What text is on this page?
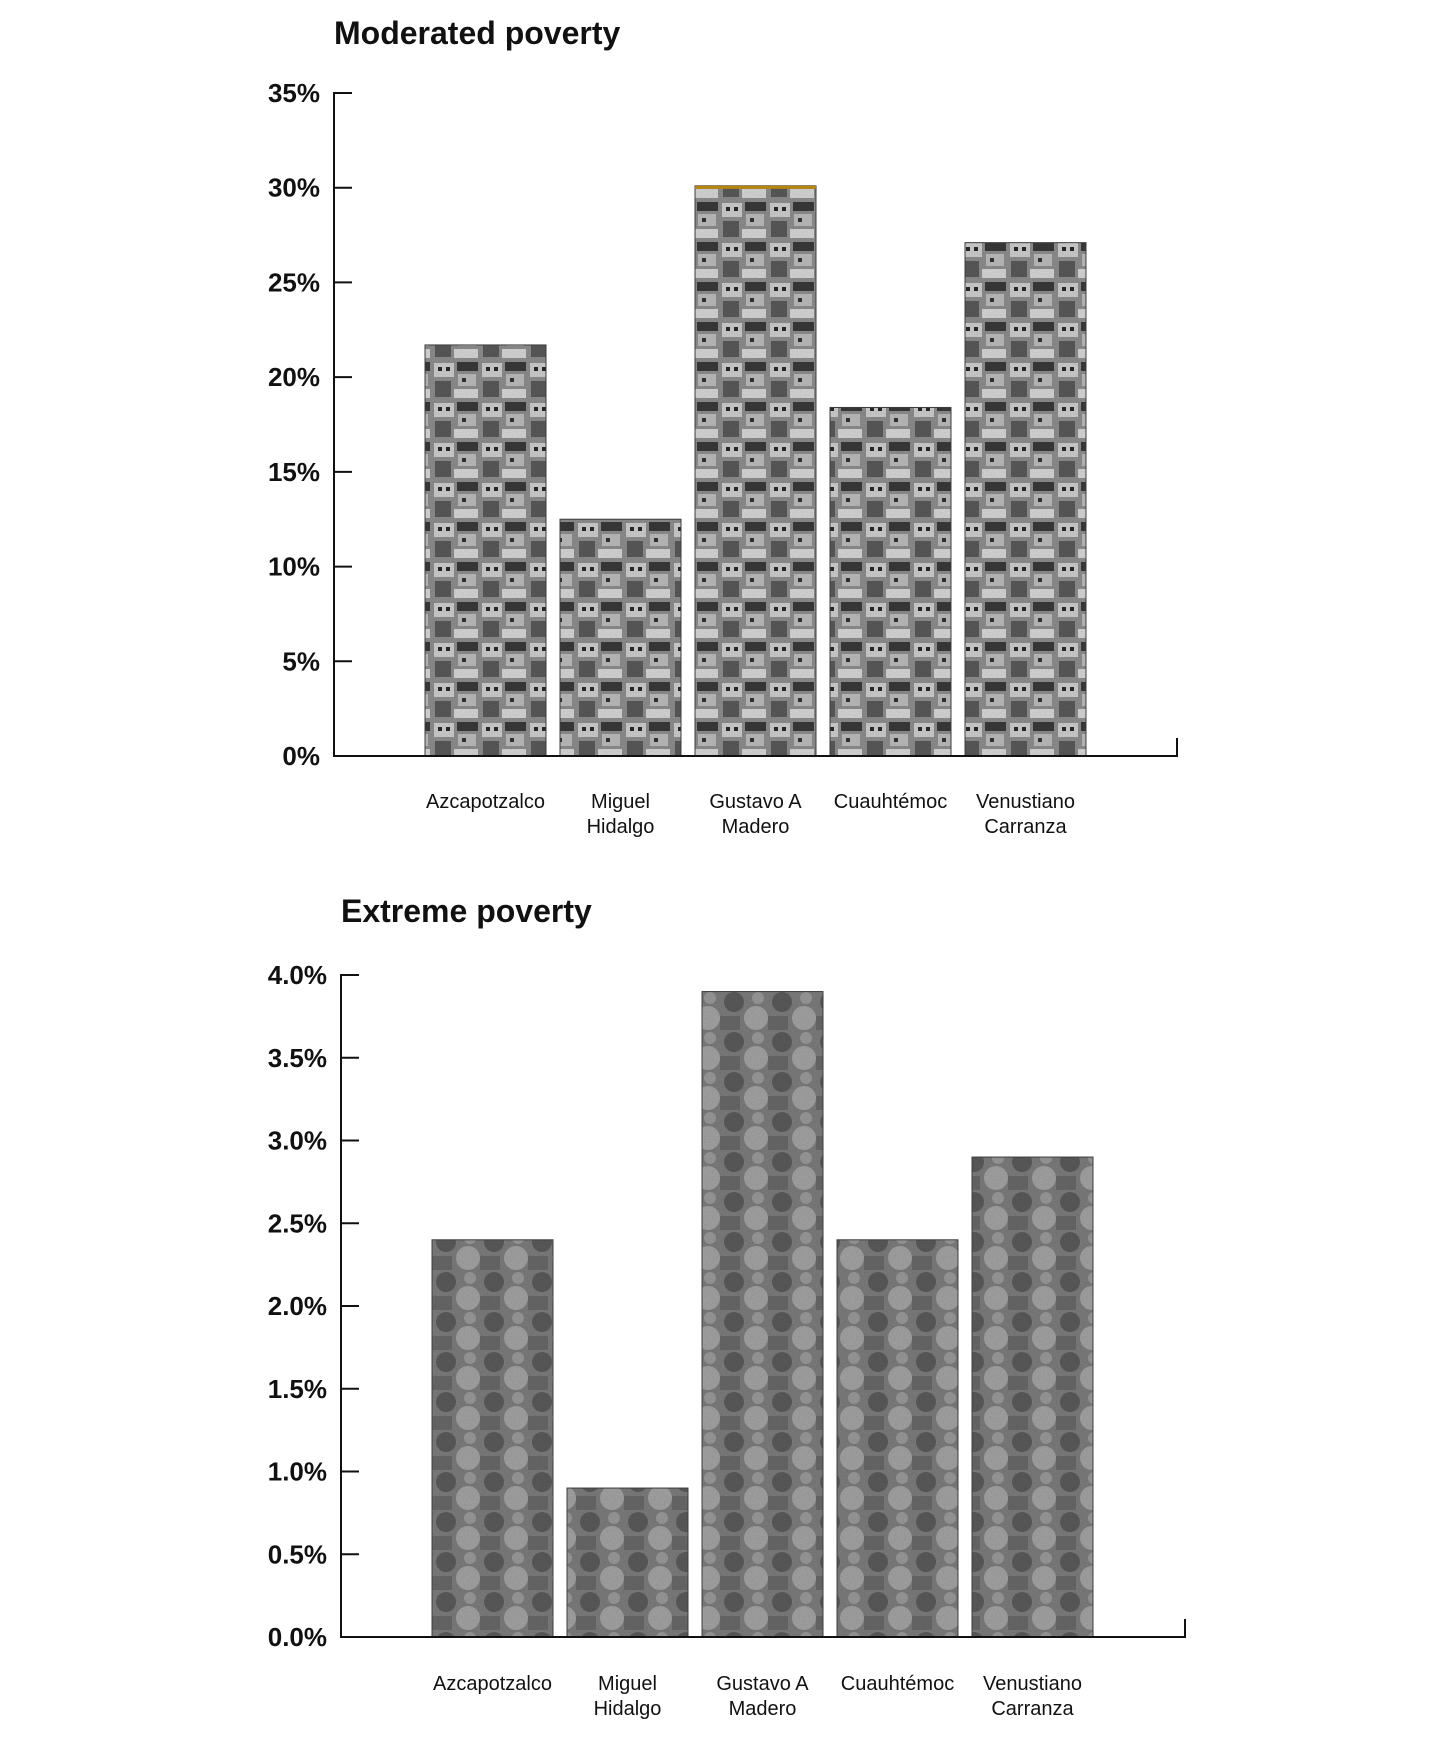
Moderated poverty
0%
5%
10%
15%
20%
25%
30%
35%
Azcapotzalco Miguel Hidalgo
Gustavo A Madero
Cuauhtémoc Venustiano Carranza
Extreme poverty
0.0%
0.5%
1.0%
1.5%
2.0%
2.5%
3.0%
3.5%
4.0%
Azcapotzalco Miguel Hidalgo
Gustavo A Madero
Cuauhtémoc Venustiano Carranza
